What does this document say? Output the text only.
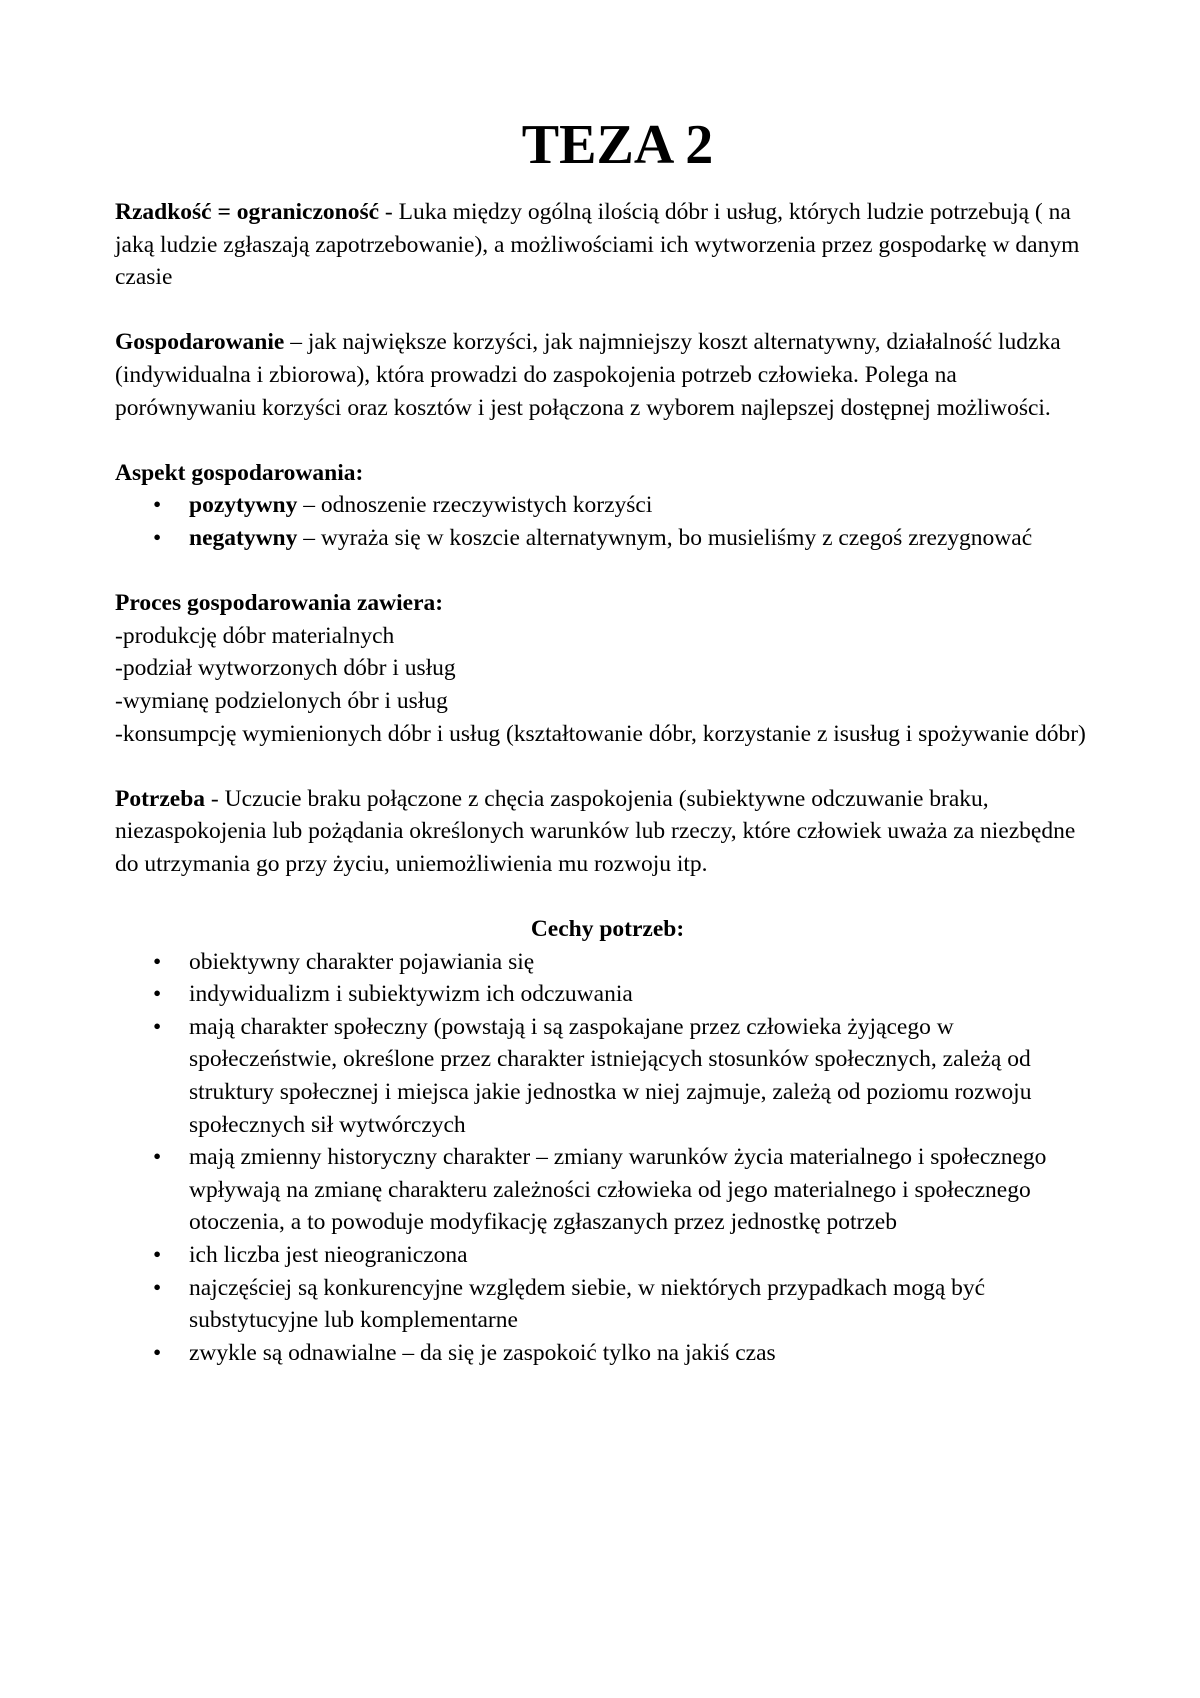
TEZA 2

Rzadkość = ograniczoność - Luka między ogólną ilością dóbr i usług, których ludzie potrzebują ( na jaką ludzie zgłaszają zapotrzebowanie), a możliwościami ich wytworzenia przez gospodarkę w danym czasie

Gospodarowanie – jak największe korzyści, jak najmniejszy koszt alternatywny, działalność ludzka (indywidualna i zbiorowa), która prowadzi do zaspokojenia potrzeb człowieka. Polega na porównywaniu korzyści oraz kosztów i jest połączona z wyborem najlepszej dostępnej możliwości.

Aspekt gospodarowania:

• pozytywny – odnoszenie rzeczywistych korzyści
• negatywny – wyraża się w koszcie alternatywnym, bo musieliśmy z czegoś zrezygnować

Proces gospodarowania zawiera:

-produkcję dóbr materialnych

-podział wytworzonych dóbr i usług

-wymianę podzielonych óbr i usług

-konsumpcję wymienionych dóbr i usług (kształtowanie dóbr, korzystanie z isusług i spożywanie dóbr)

Potrzeba - Uczucie braku połączone z chęcia zaspokojenia (subiektywne odczuwanie braku, niezaspokojenia lub pożądania określonych warunków lub rzeczy, które człowiek uważa za niezbędne do utrzymania go przy życiu, uniemożliwienia mu rozwoju itp.

Cechy potrzeb:

• obiektywny charakter pojawiania się
• indywidualizm i subiektywizm ich odczuwania
• mają charakter społeczny (powstają i są zaspokajane przez człowieka żyjącego w społeczeństwie, określone przez charakter istniejących stosunków społecznych, zależą od struktury społecznej i miejsca jakie jednostka w niej zajmuje, zależą od poziomu rozwoju społecznych sił wytwórczych
• mają zmienny historyczny charakter – zmiany warunków życia materialnego i społecznego wpływają na zmianę charakteru zależności człowieka od jego materialnego i społecznego otoczenia, a to powoduje modyfikację zgłaszanych przez jednostkę potrzeb
• ich liczba jest nieograniczona
• najczęściej są konkurencyjne względem siebie, w niektórych przypadkach mogą być substytucyjne lub komplementarne
• zwykle są odnawialne – da się je zaspokoić tylko na jakiś czas
